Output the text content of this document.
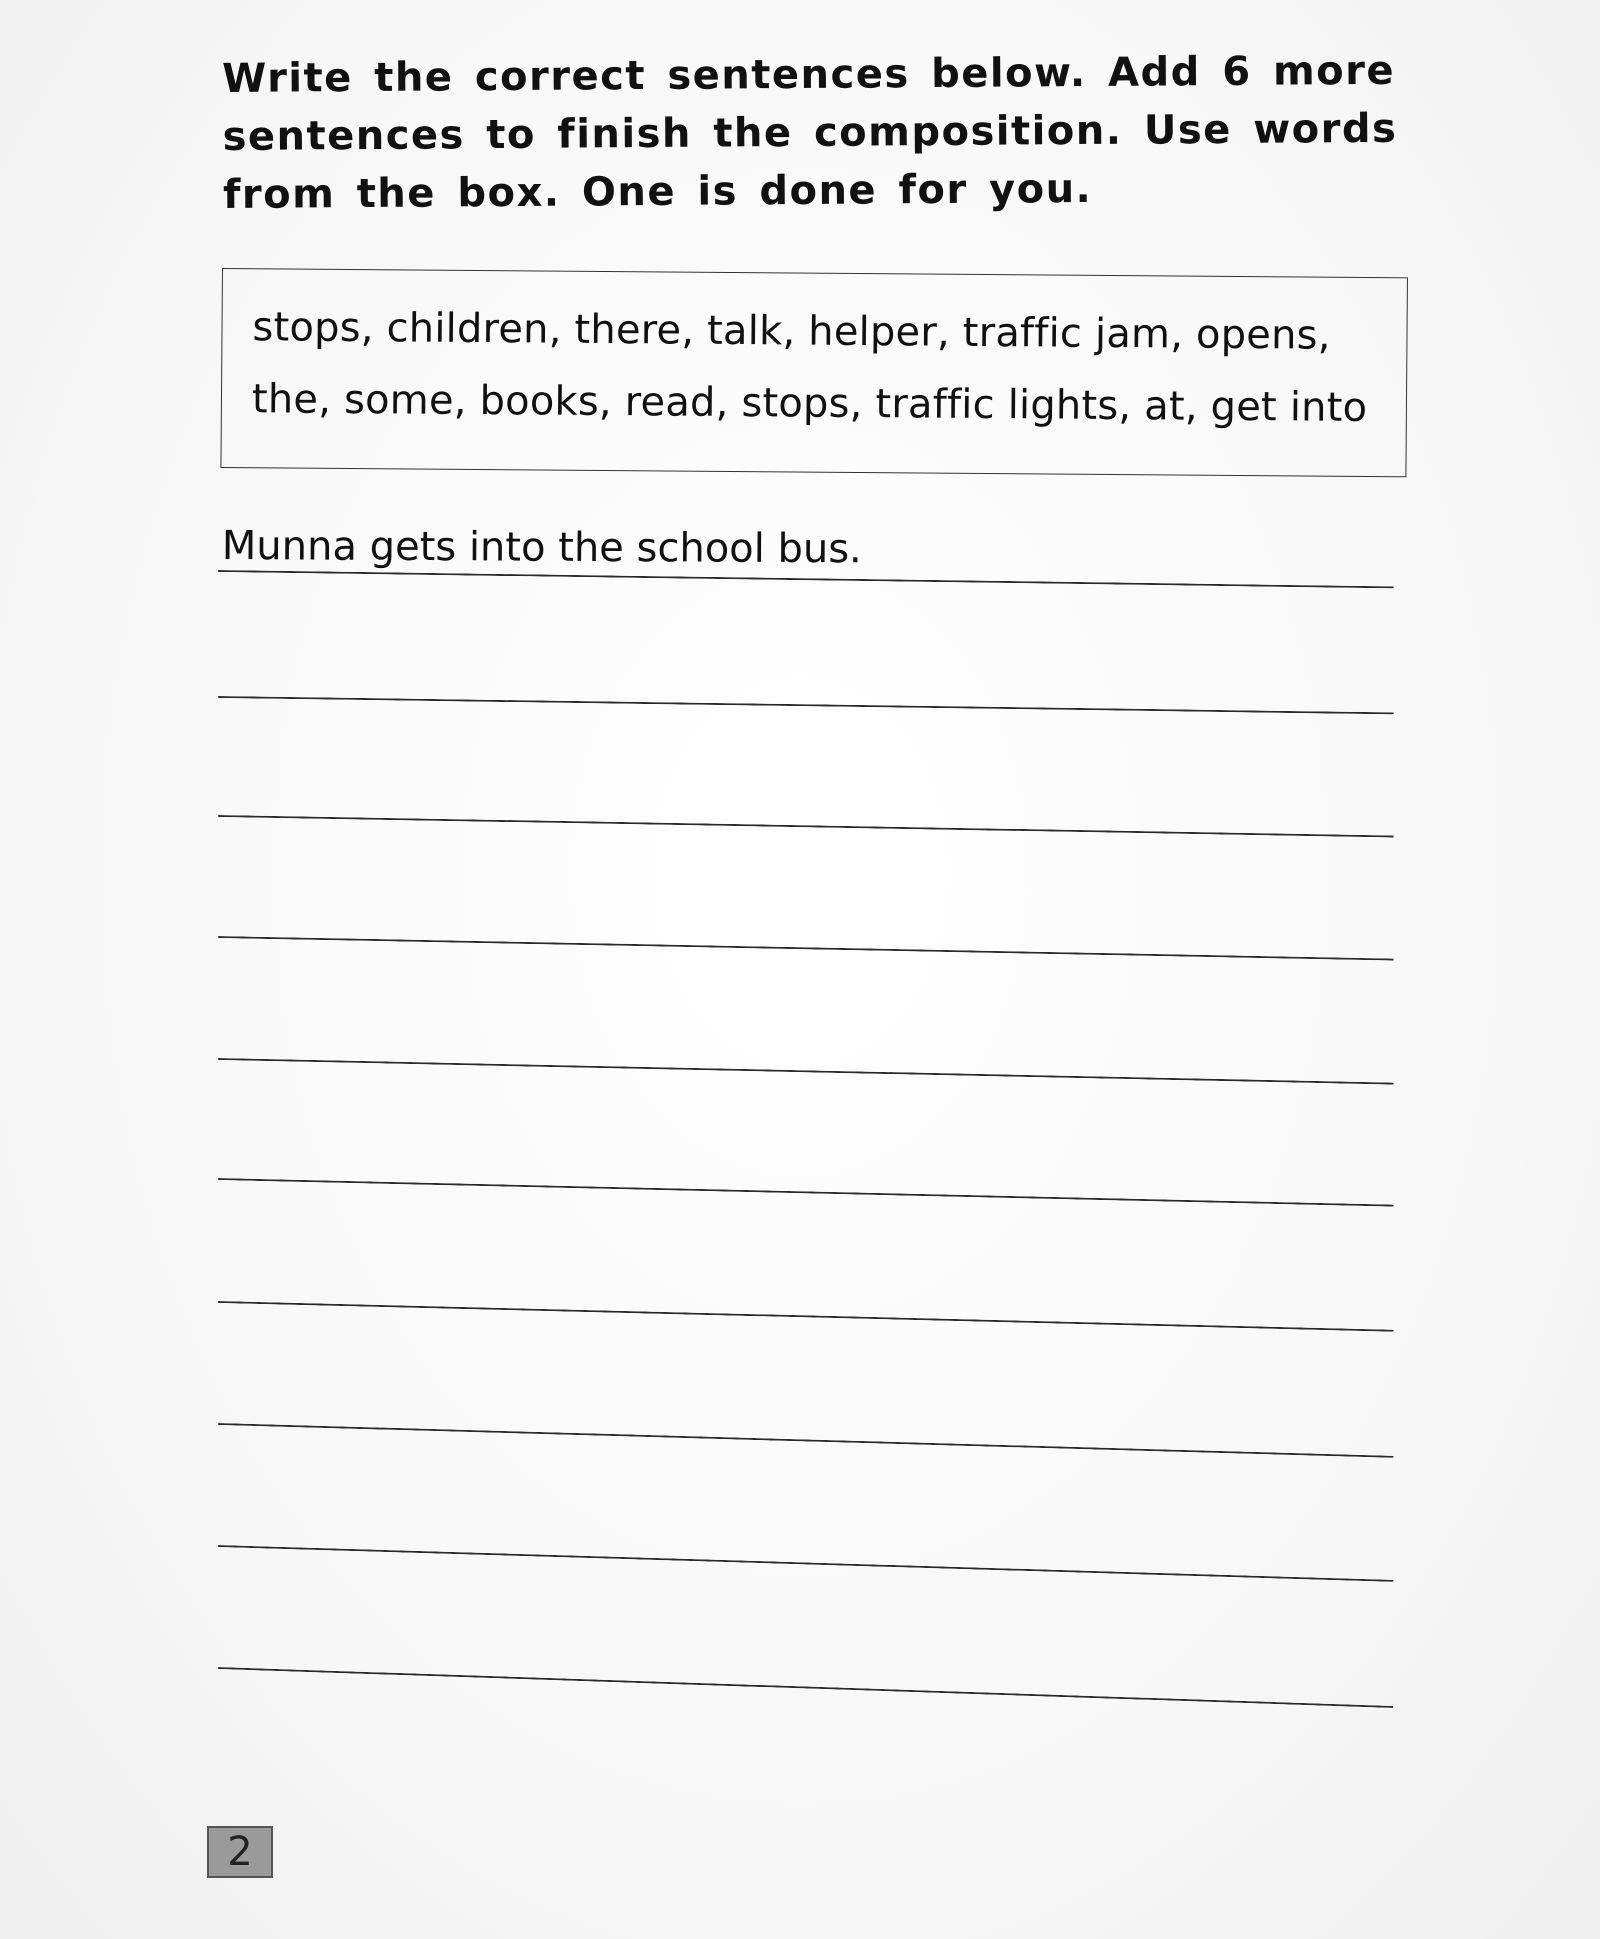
Write the correct sentences below. Add 6 more
sentences to finish the composition. Use words
from the box. One is done for you.
stops, children, there, talk, helper, traffic jam, opens,
the, some, books, read, stops, traffic lights, at, get into
Munna gets into the school bus.
2
